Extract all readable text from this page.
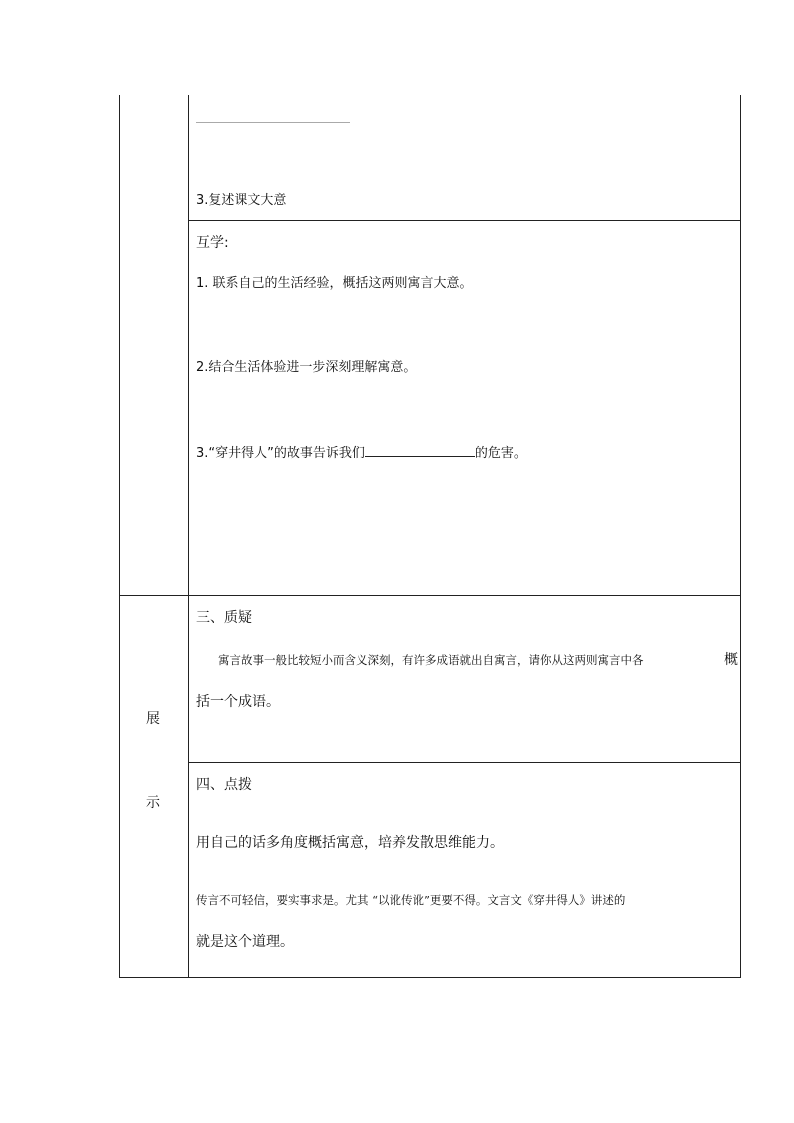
3.复述课文大意
互学:
1. 联系自己的生活经验，概括这两则寓言大意。
2.结合生活体验进一步深刻理解寓意。
3.“穿井得人”的故事告诉我们	的危害。
展
示
三、质疑
寓言故事一般比较短小而含义深刻，有许多成语就出自寓言，请你从这两则寓言中各	概
括一个成语。
四、点拨
用自己的话多角度概括寓意，培养发散思维能力。
传言不可轻信，要实事求是。尤其 “以讹传讹”更要不得。文言文《穿井得人》讲述的
就是这个道理。
